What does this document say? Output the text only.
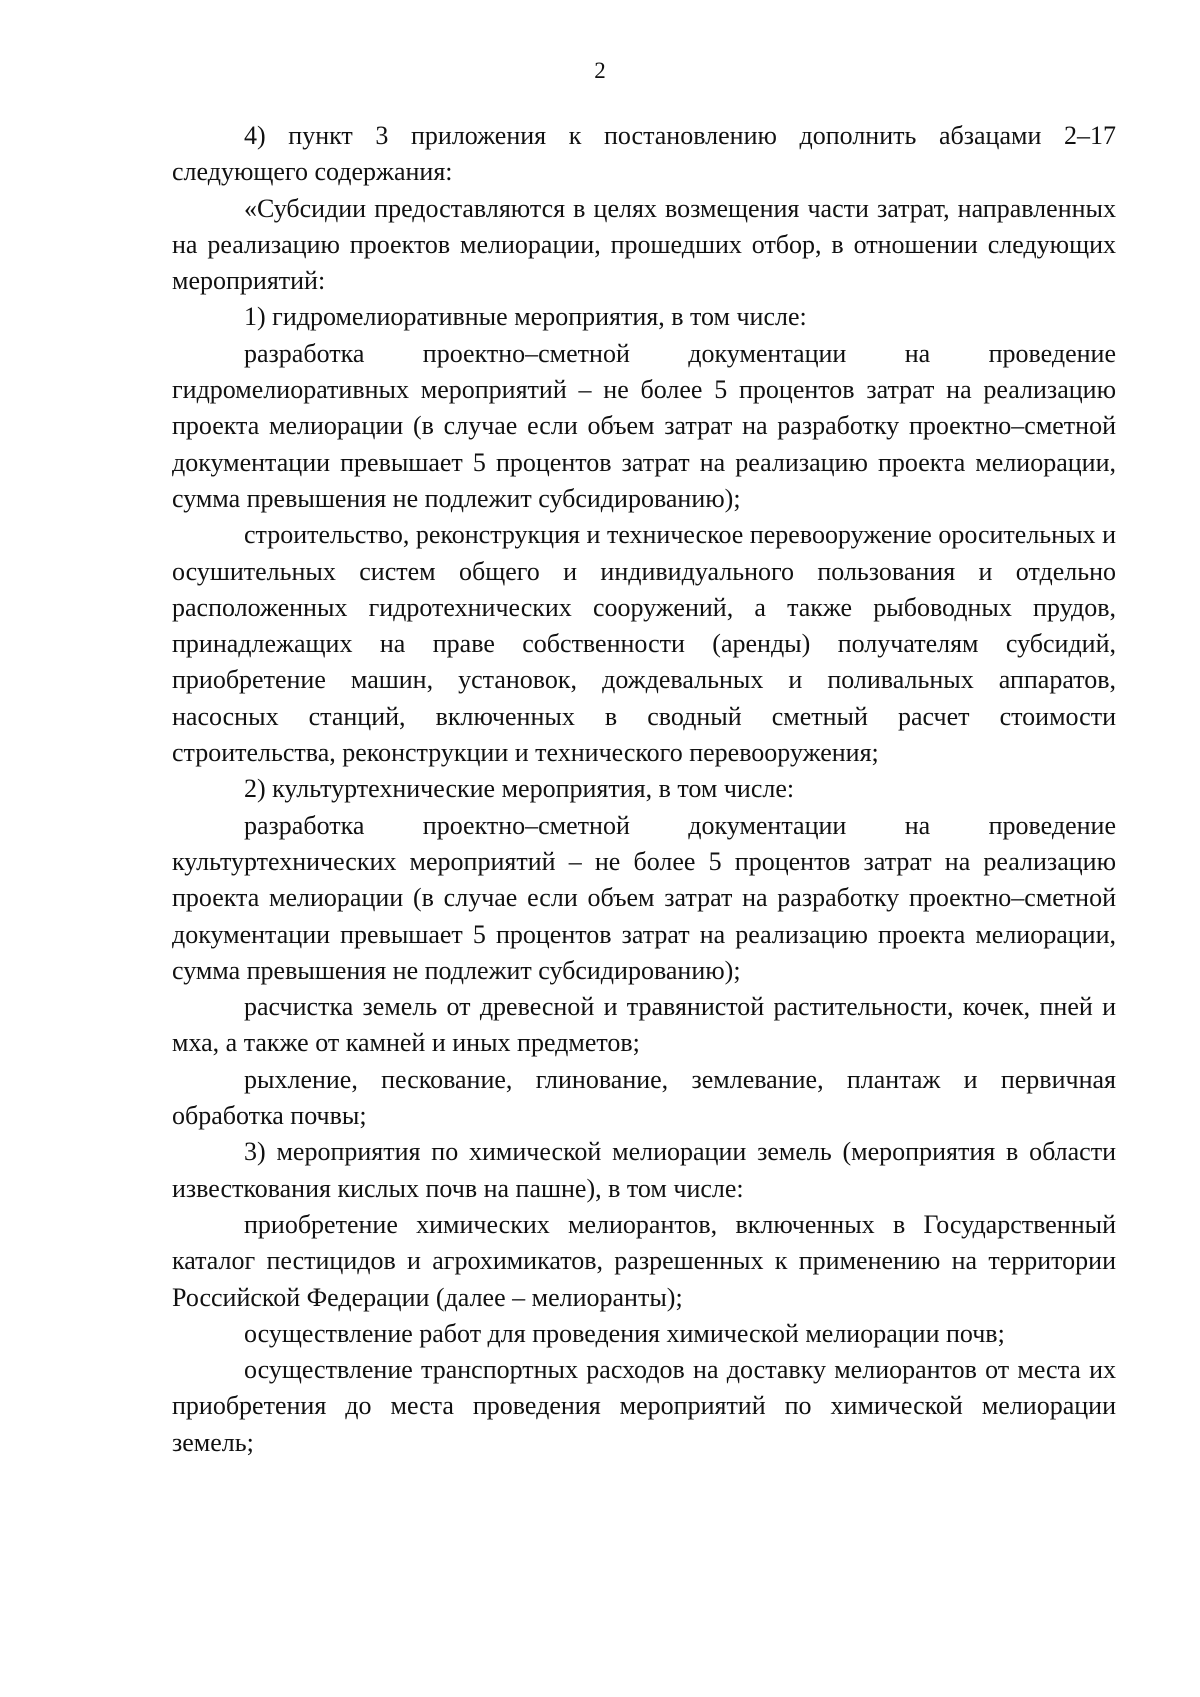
2

4) пункт 3 приложения к постановлению дополнить абзацами 2–17 следующего содержания:

«Субсидии предоставляются в целях возмещения части затрат, направленных на реализацию проектов мелиорации, прошедших отбор, в отношении следующих мероприятий:

1) гидромелиоративные мероприятия, в том числе:

разработка проектно–сметной документации на проведение гидромелиоративных мероприятий – не более 5 процентов затрат на реализацию проекта мелиорации (в случае если объем затрат на разработку проектно–сметной документации превышает 5 процентов затрат на реализацию проекта мелиорации, сумма превышения не подлежит субсидированию);

строительство, реконструкция и техническое перевооружение оросительных и осушительных систем общего и индивидуального пользования и отдельно расположенных гидротехнических сооружений, а также рыбоводных прудов, принадлежащих на праве собственности (аренды) получателям субсидий, приобретение машин, установок, дождевальных и поливальных аппаратов, насосных станций, включенных в сводный сметный расчет стоимости строительства, реконструкции и технического перевооружения;

2) культуртехнические мероприятия, в том числе:

разработка проектно–сметной документации на проведение культуртехнических мероприятий – не более 5 процентов затрат на реализацию проекта мелиорации (в случае если объем затрат на разработку проектно–сметной документации превышает 5 процентов затрат на реализацию проекта мелиорации, сумма превышения не подлежит субсидированию);

расчистка земель от древесной и травянистой растительности, кочек, пней и мха, а также от камней и иных предметов;

рыхление, пескование, глинование, землевание, плантаж и первичная обработка почвы;

3) мероприятия по химической мелиорации земель (мероприятия в области известкования кислых почв на пашне), в том числе:

приобретение химических мелиорантов, включенных в Государственный каталог пестицидов и агрохимикатов, разрешенных к применению на территории Российской Федерации (далее – мелиоранты);

осуществление работ для проведения химической мелиорации почв;

осуществление транспортных расходов на доставку мелиорантов от места их приобретения до места проведения мероприятий по химической мелиорации земель;
